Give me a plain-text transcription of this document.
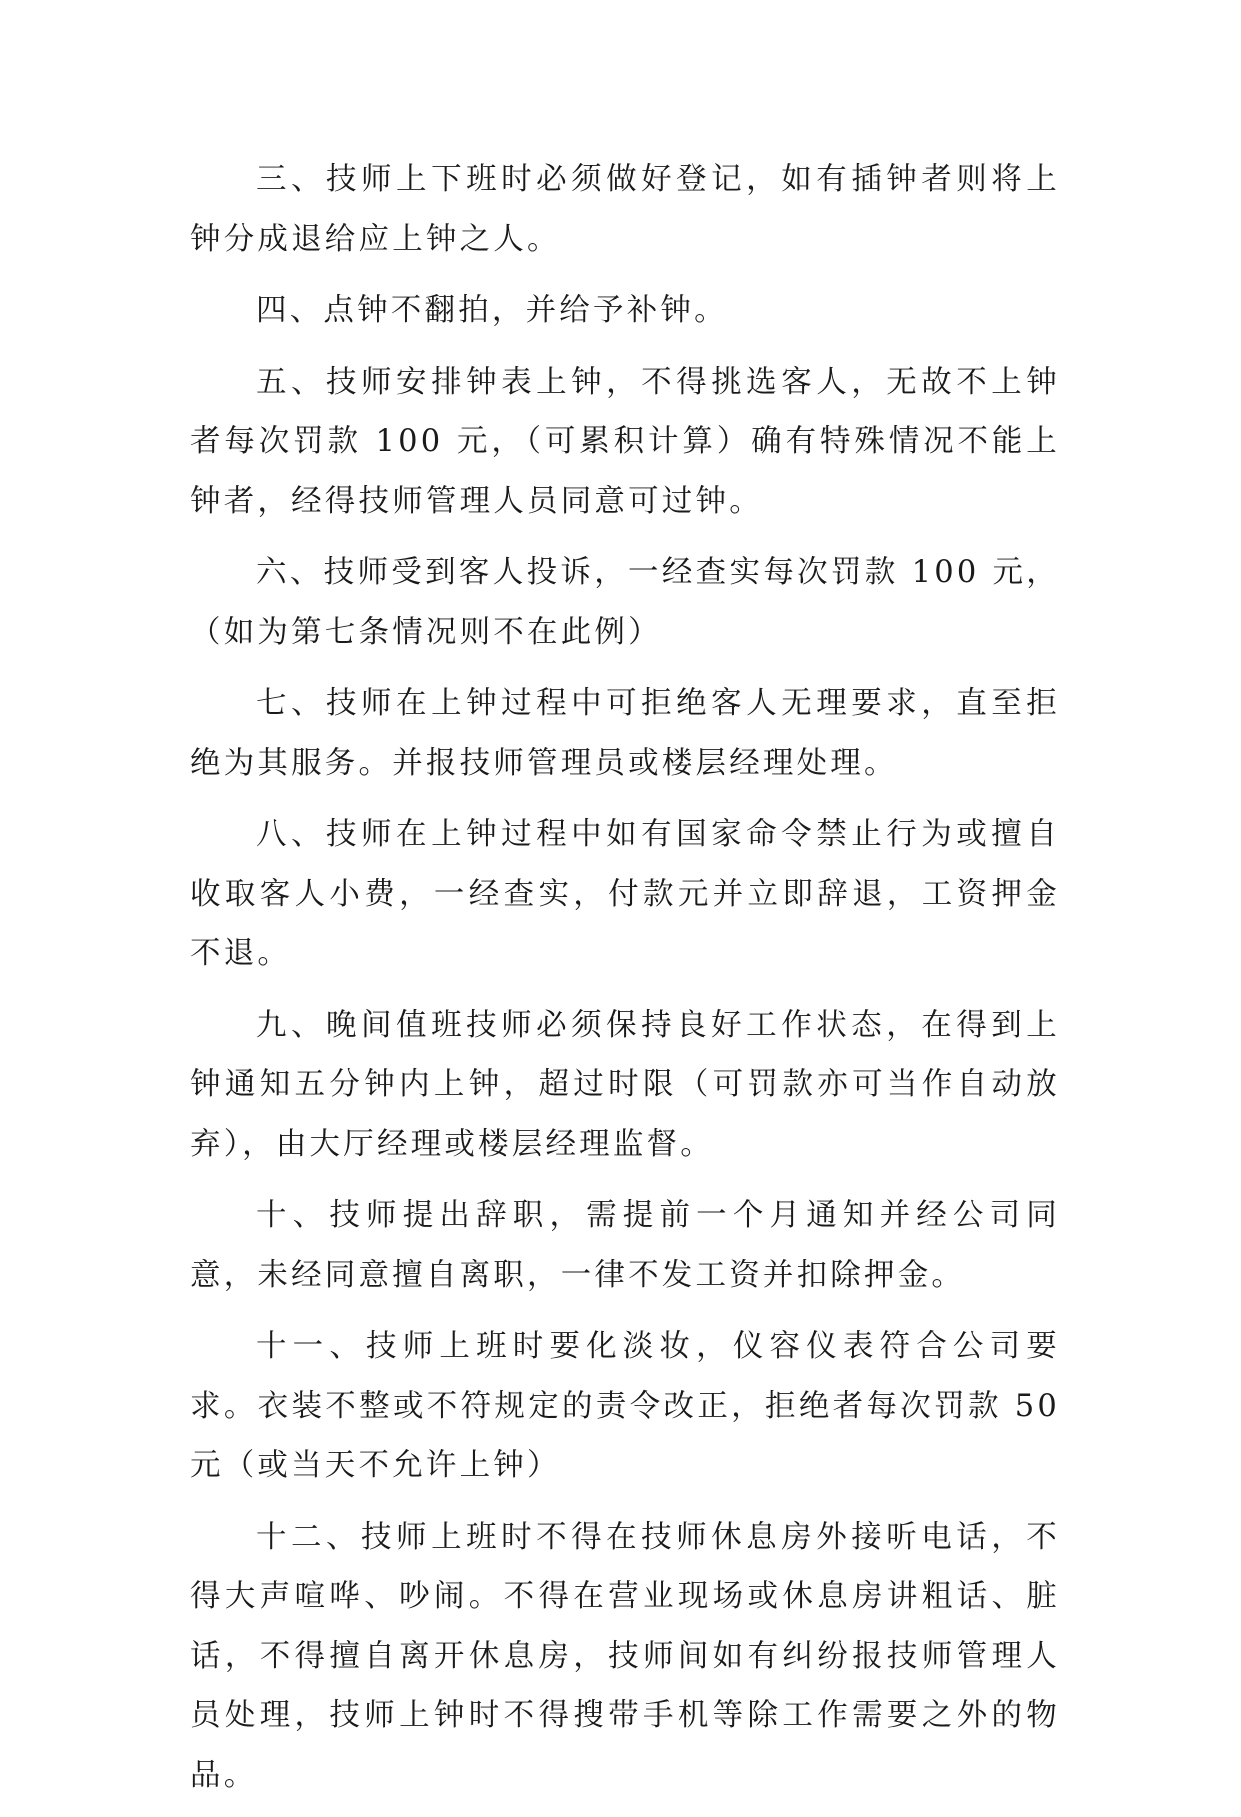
三、技师上下班时必须做好登记，如有插钟者则将上钟分成退给应上钟之人。

四、点钟不翻拍，并给予补钟。

五、技师安排钟表上钟，不得挑选客人，无故不上钟者每次罚款 100 元，（可累积计算）确有特殊情况不能上钟者，经得技师管理人员同意可过钟。

六、技师受到客人投诉，一经查实每次罚款 100 元，（如为第七条情况则不在此例）

七、技师在上钟过程中可拒绝客人无理要求，直至拒绝为其服务。并报技师管理员或楼层经理处理。

八、技师在上钟过程中如有国家命令禁止行为或擅自收取客人小费，一经查实，付款元并立即辞退，工资押金不退。

九、晚间值班技师必须保持良好工作状态，在得到上钟通知五分钟内上钟，超过时限（可罚款亦可当作自动放弃），由大厅经理或楼层经理监督。

十、技师提出辞职，需提前一个月通知并经公司同意，未经同意擅自离职，一律不发工资并扣除押金。

十一、技师上班时要化淡妆，仪容仪表符合公司要求。衣装不整或不符规定的责令改正，拒绝者每次罚款 50 元（或当天不允许上钟）

十二、技师上班时不得在技师休息房外接听电话，不得大声喧哗、吵闹。不得在营业现场或休息房讲粗话、脏话，不得擅自离开休息房，技师间如有纠纷报技师管理人员处理，技师上钟时不得搜带手机等除工作需要之外的物品。
